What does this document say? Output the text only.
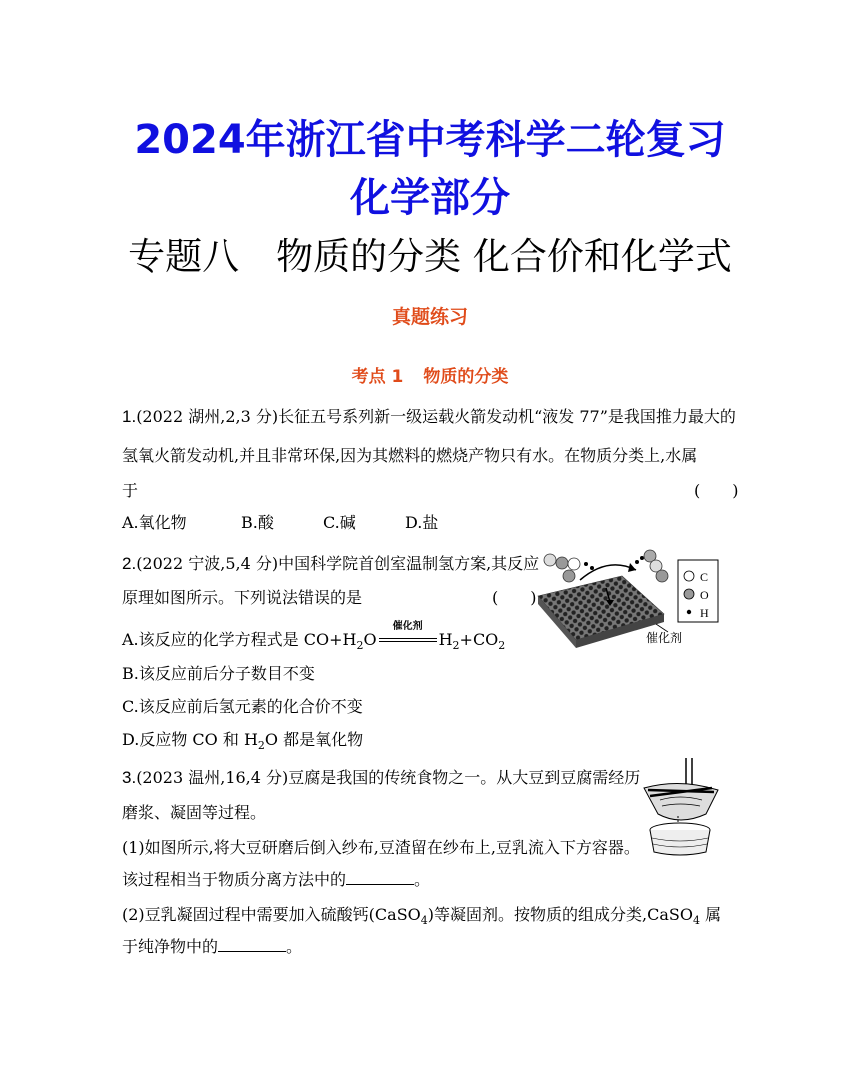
2024年浙江省中考科学二轮复习
化学部分
专题八　物质的分类 化合价和化学式
真题练习
考点 1 物质的分类
1.(2022 湖州,2,3 分)长征五号系列新一级运载火箭发动机“液发 77”是我国推力最大的
氢氧火箭发动机,并且非常环保,因为其燃料的燃烧产物只有水。在物质分类上,水属
于	(　　)
A.氧化物	B.酸	C.碱	D.盐
2.(2022 宁波,5,4 分)中国科学院首创室温制氢方案,其反应
原理如图所示。下列说法错误的是	(　　)
A.该反应的化学方程式是 $CO+H_2O$
催化剂
$H_2+CO_2$
B.该反应前后分子数目不变
C.该反应前后氢元素的化合价不变
D.反应物 CO 和 $H_2O$ 都是氧化物
C
O
H
催化剂
3.(2023 温州,16,4 分)豆腐是我国的传统食物之一。从大豆到豆腐需经历
磨浆、凝固等过程。
(1)如图所示,将大豆研磨后倒入纱布,豆渣留在纱布上,豆乳流入下方容器。
该过程相当于物质分离方法中的	。
(2)豆乳凝固过程中需要加入硫酸钙(CaSO$_4$)等凝固剂。按物质的组成分类,CaSO$_4$ 属
于纯净物中的	。
